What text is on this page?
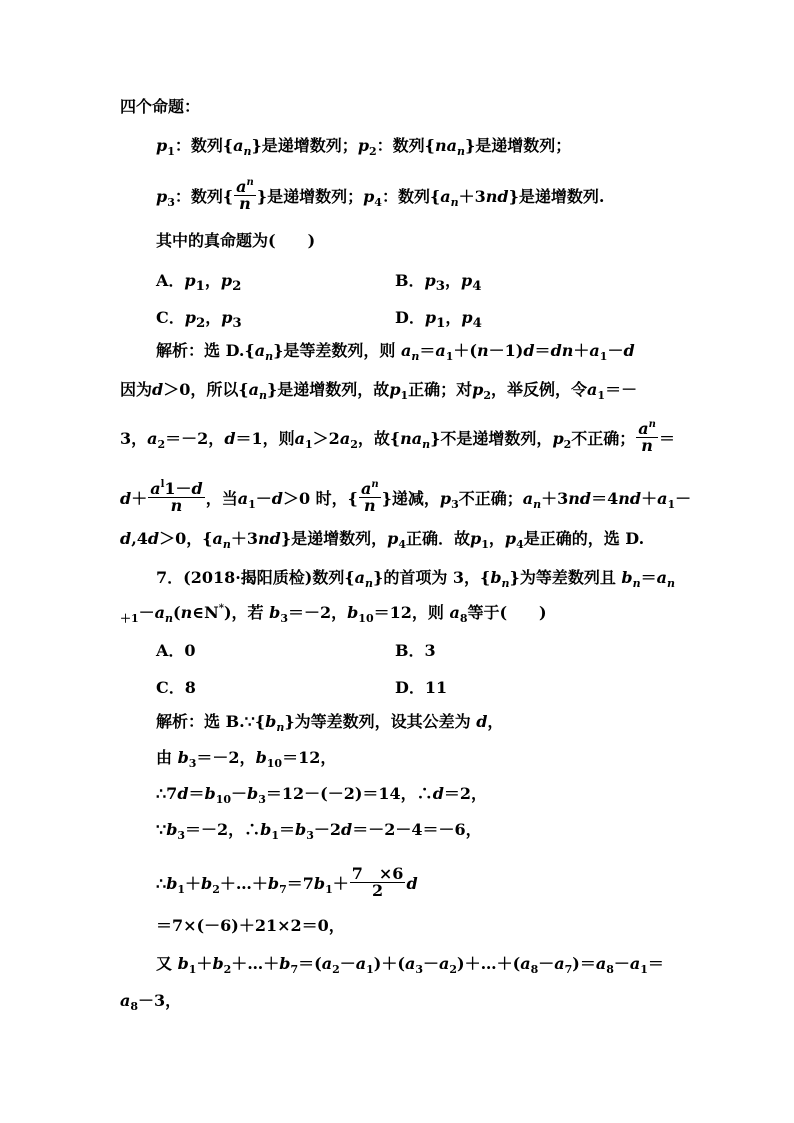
四个命题：
$p_1$：数列$\{a_n\}$是递增数列；$p_2$：数列$\{na_n\}$是递增数列；
$p_3$：数列{ $\frac{a^n}{n}$ }是递增数列；$p_4$：数列$\{a_n+3nd\}$是递增数列.
其中的真命题为(　　)
A．$p_1$，$p_2$	B．$p_3$，$p_4$
C．$p_2$，$p_3$	D．$p_1$，$p_4$
解析：选 $D.\{a_n\}$是等差数列，则 $a_n=a_1+(n-1)d=dn+a_1-d$
因为d＞0，所以$\{a_n\}$是递增数列，故$p_1$正确；对$p_2$，举反例，令$a_1=-$
3，$a_2=-2$，d＝1，则$a_1>2a_2$，故$\{na_n\}$不是递增数列，$p_2$不正确； $\frac{a^n}{n}$ ＝
$d+ \frac{a^l1-d}{n}$ ，当$a_1-d>0$ 时，{ $\frac{a^n}{n}$ }递减，$p_3$不正确；$a_n+3nd=4nd+a_1-$
d,4d＞0，$\{a_n+3nd\}$是递增数列，$p_4$正确．故$p_1$，$p_4$是正确的，选 D.
7．(2018·揭阳质检)数列$\{a_n\}$的首项为 3，$\{b_n\}$为等差数列且 $b_n=a_n$
$_{+1}-a_n(n\in N^*)$，若 $b_3=-2$，$b_{10}=12$，则 $a_8$等于(　　)
A．0	B．3
C．8	D．11
解析：选 $B.\because\{b_n\}$为等差数列，设其公差为 d，
由 $b_3=-2$，$b_{10}=12$，
$\therefore 7d=b_{10}-b_3=12-(-2)=14$，∴d＝2，
$\because b_3=-2$，$\therefore b_1=b_3-2d=-2-4=-6$，
$\therefore b_1+b_2+\dots+b_7=7b_1+ \frac{7 \times 6}{2}$ d
＝7×(－6)＋21×2＝0，
又 $b_1+b_2+\dots+b_7=(a_2-a_1)+(a_3-a_2)+\dots+(a_8-a_7)=a_8-a_1=$
$a_8-3$，
